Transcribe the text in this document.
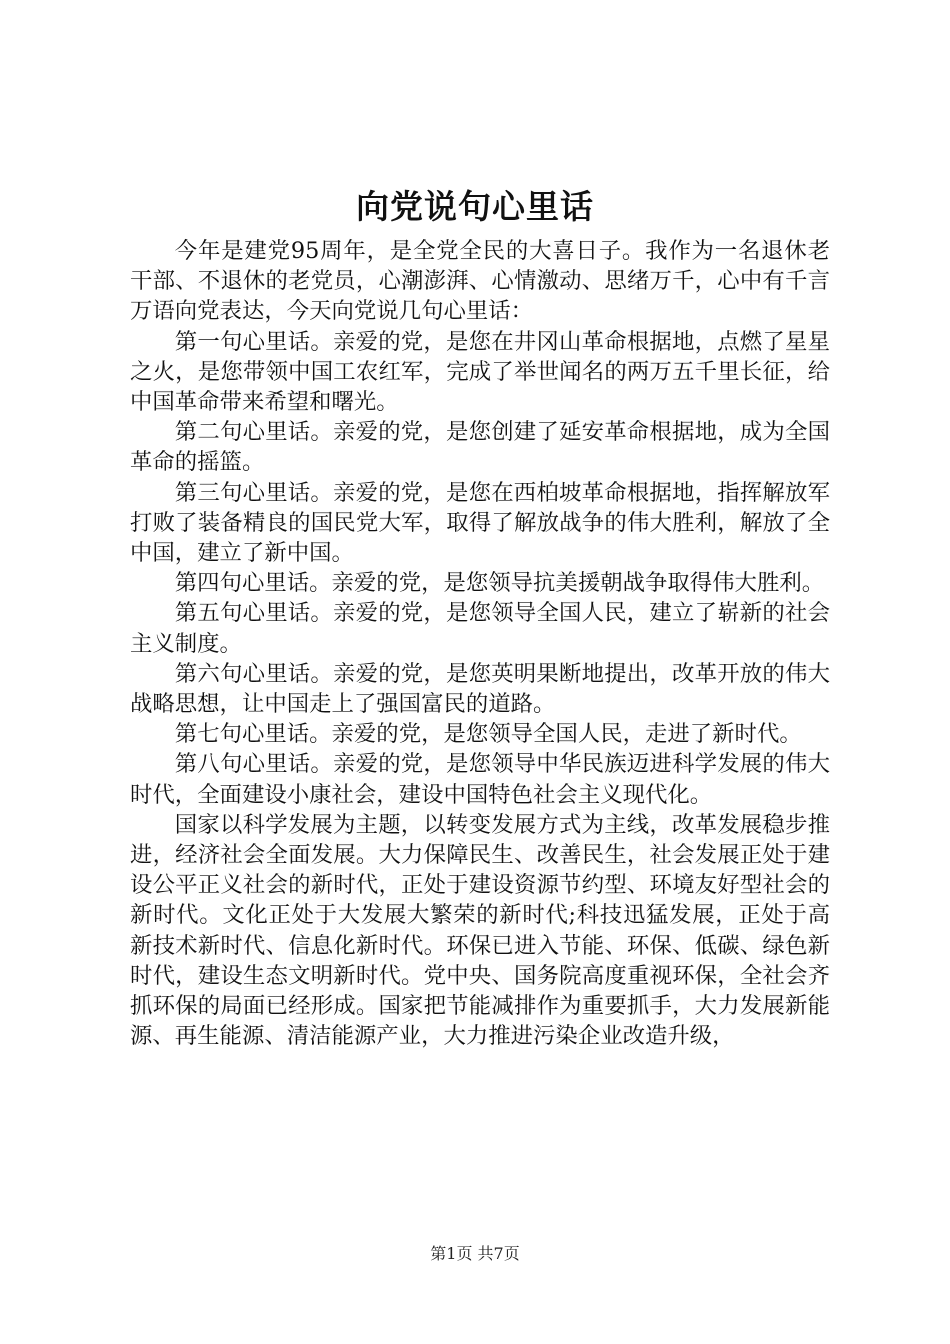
向党说句心里话

今年是建党95周年，是全党全民的大喜日子。我作为一名退休老干部、不退休的老党员，心潮澎湃、心情激动、思绪万千，心中有千言万语向党表达，今天向党说几句心里话：

第一句心里话。亲爱的党，是您在井冈山革命根据地，点燃了星星之火，是您带领中国工农红军，完成了举世闻名的两万五千里长征，给中国革命带来希望和曙光。

第二句心里话。亲爱的党，是您创建了延安革命根据地，成为全国革命的摇篮。

第三句心里话。亲爱的党，是您在西柏坡革命根据地，指挥解放军打败了装备精良的国民党大军，取得了解放战争的伟大胜利，解放了全中国，建立了新中国。

第四句心里话。亲爱的党，是您领导抗美援朝战争取得伟大胜利。

第五句心里话。亲爱的党，是您领导全国人民，建立了崭新的社会主义制度。

第六句心里话。亲爱的党，是您英明果断地提出，改革开放的伟大战略思想，让中国走上了强国富民的道路。

第七句心里话。亲爱的党，是您领导全国人民，走进了新时代。

第八句心里话。亲爱的党，是您领导中华民族迈进科学发展的伟大时代，全面建设小康社会，建设中国特色社会主义现代化。

国家以科学发展为主题，以转变发展方式为主线，改革发展稳步推进，经济社会全面发展。大力保障民生、改善民生，社会发展正处于建设公平正义社会的新时代，正处于建设资源节约型、环境友好型社会的新时代。文化正处于大发展大繁荣的新时代;科技迅猛发展，正处于高新技术新时代、信息化新时代。环保已进入节能、环保、低碳、绿色新时代，建设生态文明新时代。党中央、国务院高度重视环保，全社会齐抓环保的局面已经形成。国家把节能减排作为重要抓手，大力发展新能源、再生能源、清洁能源产业，大力推进污染企业改造升级，

第1页 共7页
